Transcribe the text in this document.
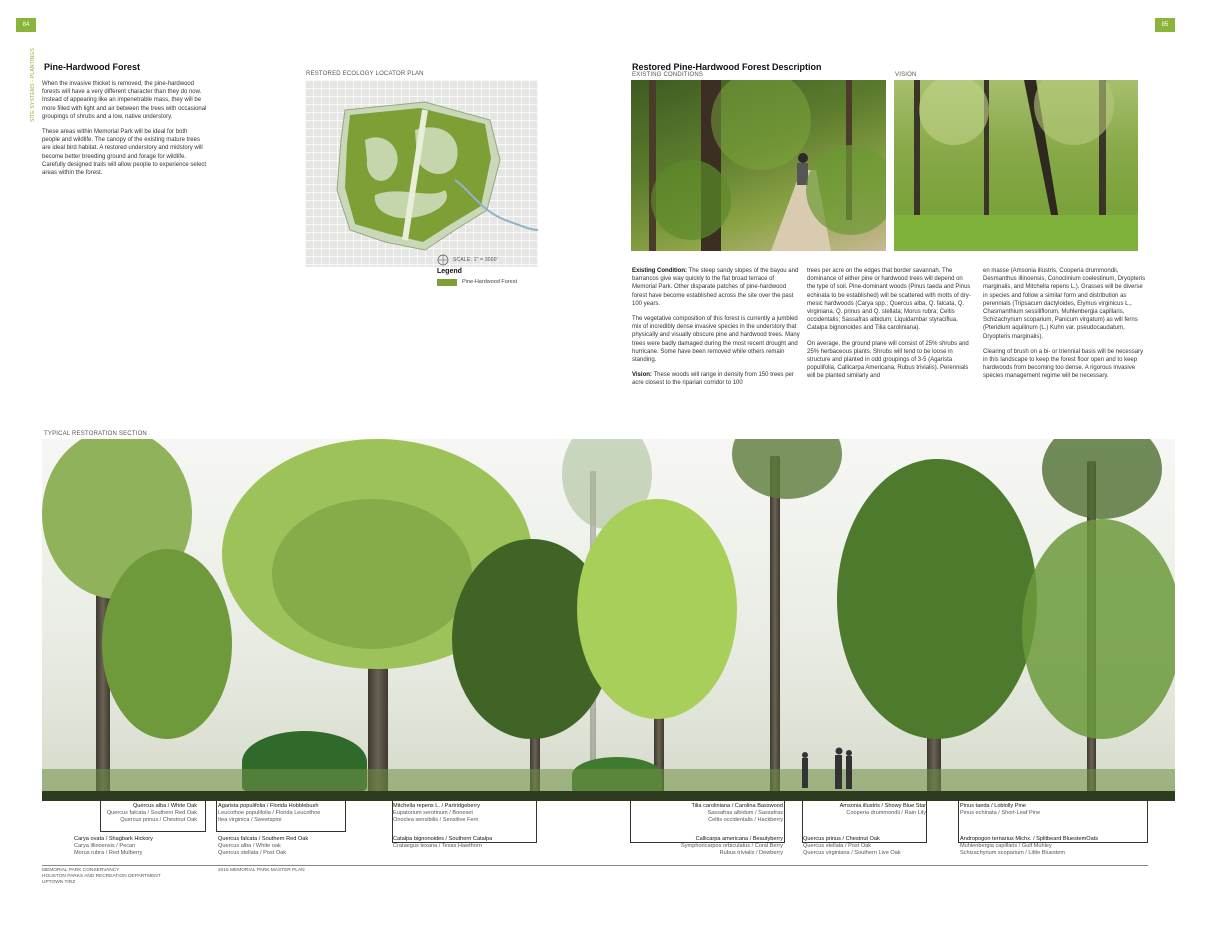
84	85
SITE SYSTEMS - PLANTINGS Pine-Hardwood Forest

When the invasive thicket is removed, the pine-hardwood forests will have a very different character than they do now. Instead of appearing like an impenetrable mass, they will be more filled with light and air between the trees with occasional groupings of shrubs and a low, native understory.

These areas within Memorial Park will be ideal for both people and wildlife. The canopy of the existing mature trees are ideal bird habitat. A restored understory and midstory will become better breeding ground and forage for wildlife. Carefully designed trails will allow people to experience select areas within the forest.

RESTORED ECOLOGY LOCATOR PLAN
SCALE: 1" = 3000'
Legend
Pine-Hardwood Forest
Restored Pine-Hardwood Forest Description
EXISTING CONDITIONS	VISION

Existing Condition: The steep sandy slopes of the bayou and barrancos give way quickly to the flat broad terrace of Memorial Park. Other disparate patches of pine-hardwood forest have become established across the site over the past 100 years.

The vegetative composition of this forest is currently a jumbled mix of incredibly dense invasive species in the understory that physically and visually obscure pine and hardwood trees. Many trees were badly damaged during the most recent drought and hurricane. Some have been removed while others remain standing.

Vision: These woods will range in density from 150 trees per acre closest to the riparian corridor to 100

trees per acre on the edges that border savannah. The dominance of either pine or hardwood trees will depend on the type of soil. Pine-dominant woods (Pinus taeda and Pinus echinata to be established) will be scattered with motts of dry-mesic hardwoods (Carya spp.; Quercus alba, Q. falcata, Q. virginiana, Q. prinus and Q. stellata; Morus rubra; Celtis occidentalis; Sassafras albidum; Liquidambar styraciflua, Catalpa bignonoides and Tilia caroliniana).

On average, the ground plane will consist of 25% shrubs and 25% herbaceous plants. Shrubs will tend to be loose in structure and planted in odd groupings of 3-5 (Agarista populifolia, Callicarpa Americana, Rubus trivialis). Perennials will be planted similarly and

en masse (Amsonia illustris, Cooperia drummondii, Desmanthus illinoensis, Conoclinium coelestinum, Dryopteris marginalis, and Mitchella repens L.). Grasses will be diverse in species and follow a similar form and distribution as perennials (Tripsacum dactyloides, Elymus virginicus L., Chasmanthium sessiliflorum, Muhlenbergia capillaris, Schizachyrium scoparium, Panicum virgatum) as will ferns (Pteridium aquilinum (L.) Kuhn var. pseudocaudatum, Dryopteris marginalis).

Clearing of brush on a bi- or triennial basis will be necessary in this landscape to keep the forest floor open and to keep hardwoods from becoming too dense. A rigorous invasive species management regime will be necessary.

TYPICAL RESTORATION SECTION
Quercus alba / White Oak
Quercus falcata / Southern Red Oak
Quercus prinus / Chestnut Oak
Agarista populifolia / Florida Hobblebush
Leucothoe populifolia / Florida Leucothoe
Itea virginica / Sweetspire
Mitchella repens L. / Partridgeberry
Eupatorium serotinum / Boneset
Onoclea sensibilis / Sensitive Fern
Tilia caroliniana / Carolina Basswood
Sassafras albidum / Sassafras
Celtis occidentalis / Hackberry
Amsonia illustris / Showy Blue Star
Cooperia drummondii / Rain Lily
Pinus taeda / Loblolly Pine
Pinus echinata / Short-Leaf Pine
Carya ovata / Shagbark Hickory
Carya illinoensis / Pecan
Morus rubra / Red Mulberry
Quercus falcata / Southern Red Oak
Quercus alba / White oak
Quercus stellata / Post Oak
Catalpa bignonoides / Southern Catalpa
Crataegus texana / Texas Hawthorn
Callicarpa americana / Beautyberry
Symphoricarpos orbiculatus / Coral Berry
Rubus trivialis / Dewberry
Quercus prinus / Chestnut Oak
Quercus stellata / Post Oak
Quercus virginiana / Southern Live Oak
Andropogon ternarius Michx. / Splitbeard BluestemOats
Muhlenbergia capillaris / Gulf Muhley
Schizachyrium scoparium / Little Bluestem
MEMORIAL PARK CONSERVANCY
HOUSTON PARKS AND RECREATION DEPARTMENT
UPTOWN TIRZ
2015 MEMORIAL PARK MASTER PLAN
